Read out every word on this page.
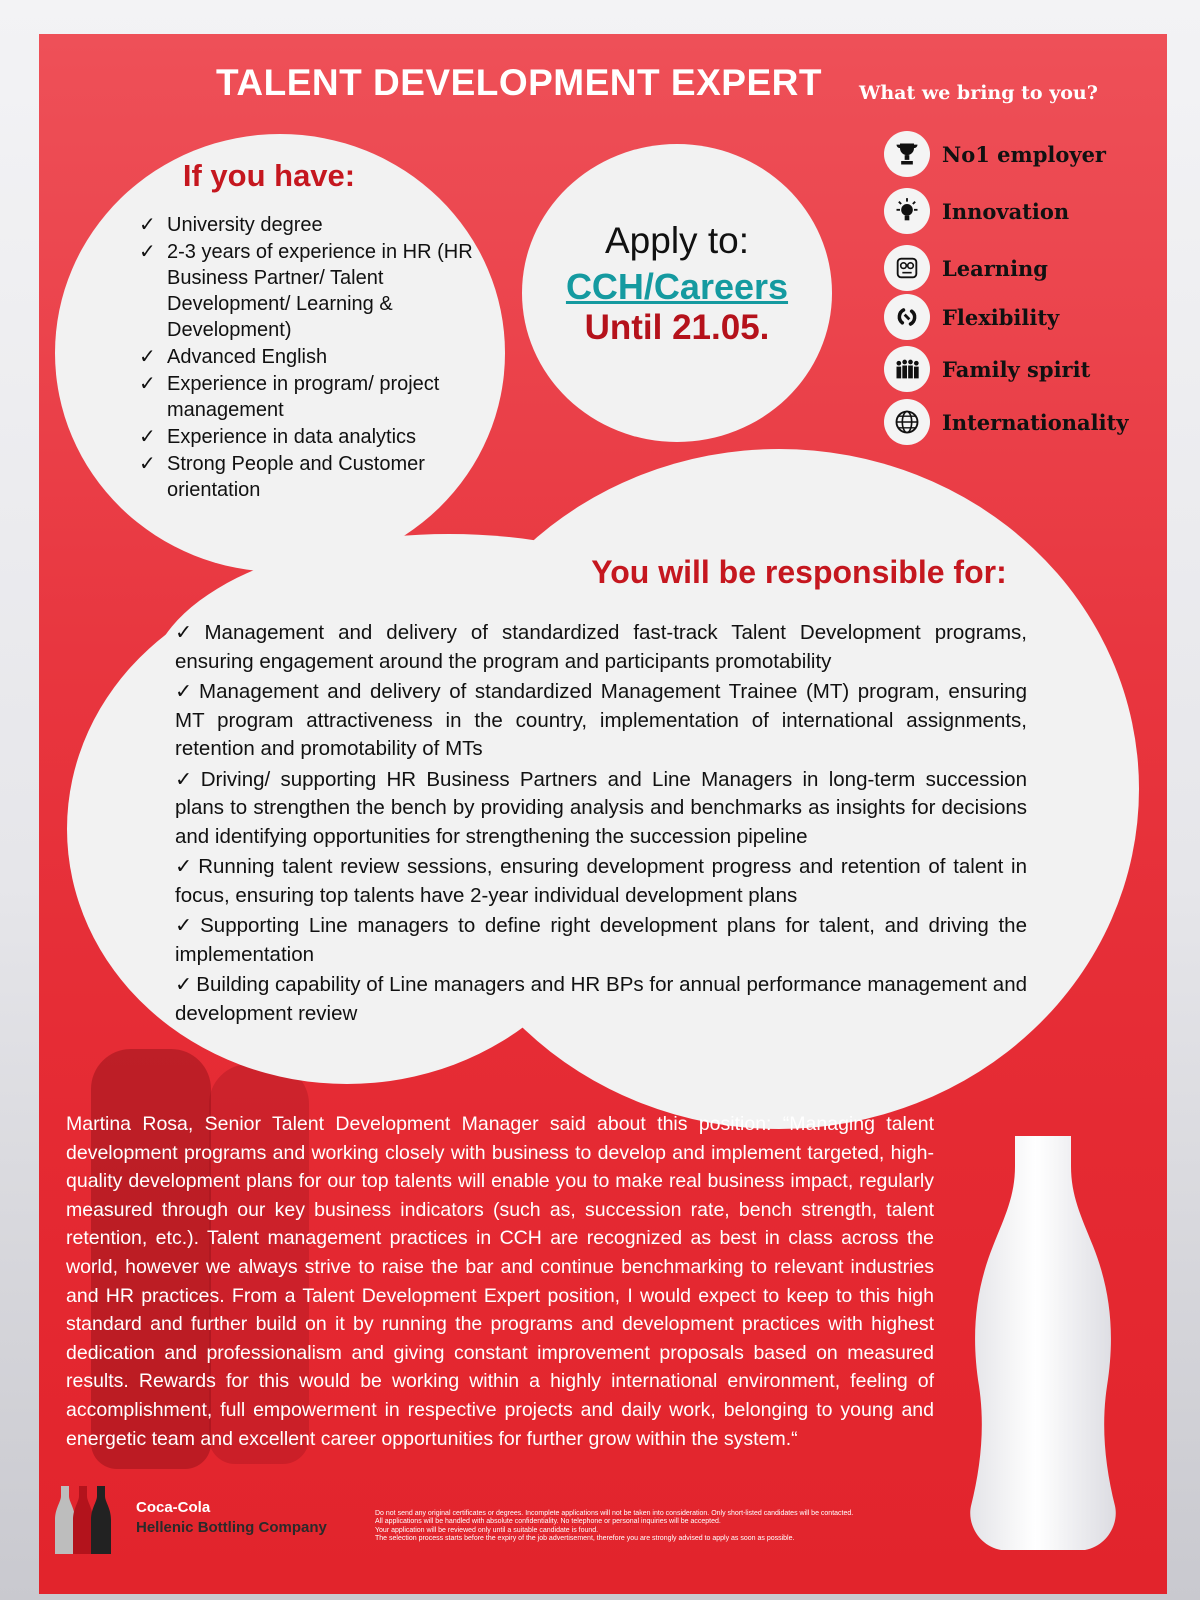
TALENT DEVELOPMENT EXPERT	What we bring to you?
No1 employer
Innovation
Learning
Flexibility
Family spirit
Internationality
If you have:
✓ University degree
✓ 2-3 years of experience in HR (HR Business Partner/ Talent Development/ Learning & Development)
✓ Advanced English
✓ Experience in program/ project management
✓ Experience in data analytics
✓ Strong People and Customer orientation
Apply to:
CCH/Careers
Until 21.05.
You will be responsible for:
✓ Management and delivery of standardized fast-track Talent Development programs, ensuring engagement around the program and participants promotability
✓ Management and delivery of standardized Management Trainee (MT) program, ensuring MT program attractiveness in the country, implementation of international assignments, retention and promotability of MTs
✓ Driving/ supporting HR Business Partners and Line Managers in long-term succession plans to strengthen the bench by providing analysis and benchmarks as insights for decisions and identifying opportunities for strengthening the succession pipeline
✓ Running talent review sessions, ensuring development progress and retention of talent in focus, ensuring top talents have 2-year individual development plans
✓ Supporting Line managers to define right development plans for talent, and driving the implementation
✓ Building capability of Line managers and HR BPs for annual performance management and development review
Martina Rosa, Senior Talent Development Manager said about this position: “Managing talent development programs and working closely with business to develop and implement targeted, high-quality development plans for our top talents will enable you to make real business impact, regularly measured through our key business indicators (such as, succession rate, bench strength, talent retention, etc.). Talent management practices in CCH are recognized as best in class across the world, however we always strive to raise the bar and continue benchmarking to relevant industries and HR practices. From a Talent Development Expert position, I would expect to keep to this high standard and further build on it by running the programs and development practices with highest dedication and professionalism and giving constant improvement proposals based on measured results. Rewards for this would be working within a highly international environment, feeling of accomplishment, full empowerment in respective projects and daily work, belonging to young and energetic team and excellent career opportunities for further grow within the system.“
Coca-Cola
Hellenic Bottling Company
Do not send any original certificates or degrees. Incomplete applications will not be taken into consideration. Only short-listed candidates will be contacted.
All applications will be handled with absolute confidentiality. No telephone or personal inquiries will be accepted.
Your application will be reviewed only until a suitable candidate is found.
The selection process starts before the expiry of the job advertisement, therefore you are strongly advised to apply as soon as possible.
